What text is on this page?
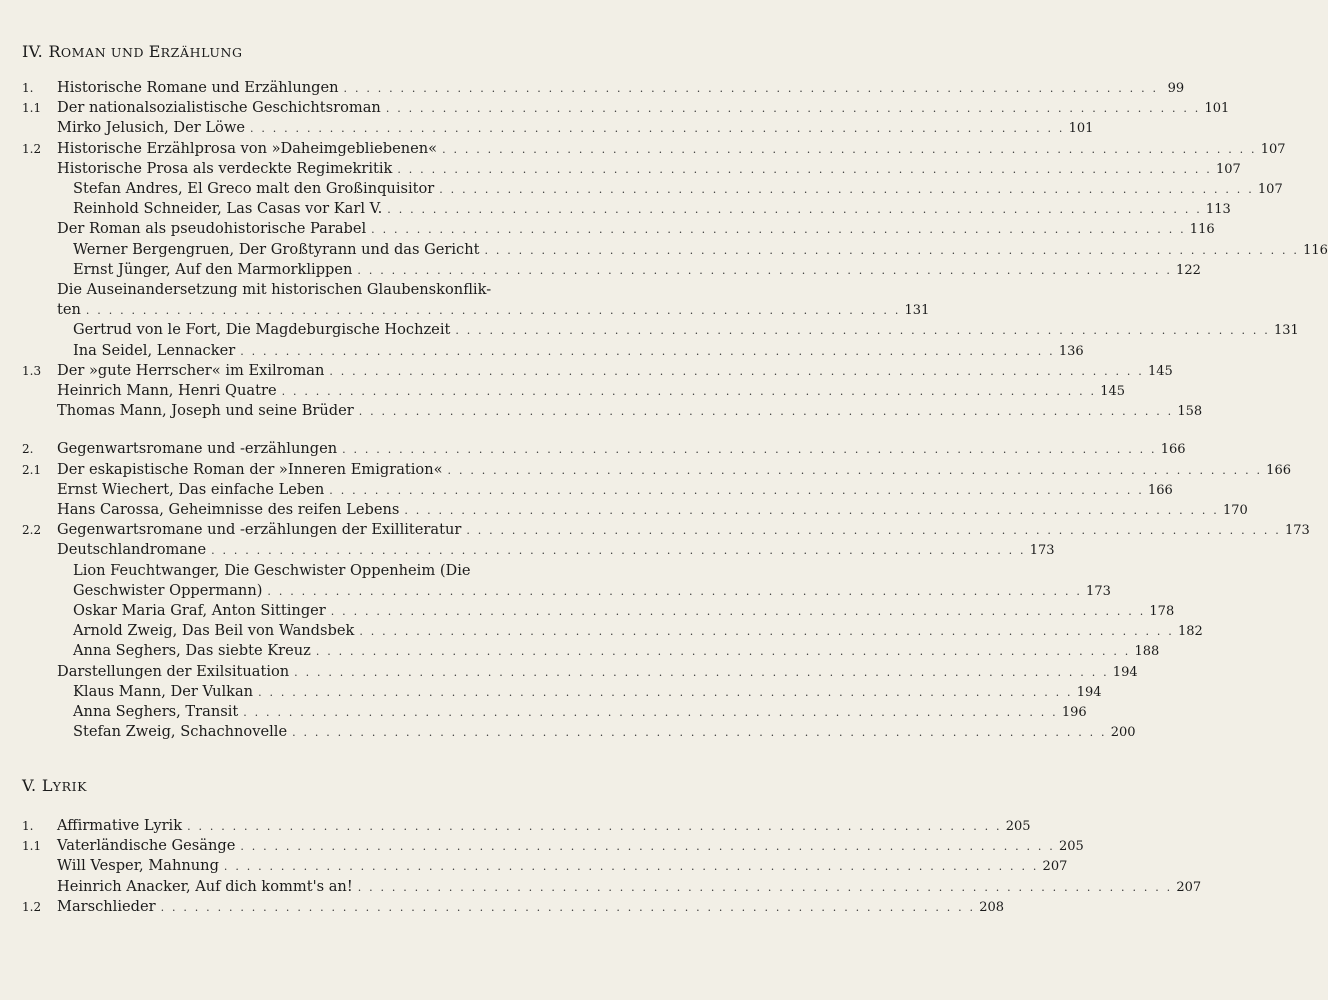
IV. ROMAN UND ERZÄHLUNG
1. Historische Romane und Erzählungen . . . . . . . . . . . . . . . . . . . . . . . . . . . . . . . . . . . . . . . . . . . . . . . . . . . . . . . . . . . . . . . . . . . . . . . . 99
1.1 Der nationalsozialistische Geschichtsroman . . . . . . . . . . . . . . . . . . . . . . . . . . . . . . . . . . . . . . . . . . . . . . . . . . . . . . . . . . . . . . . . . . . . . . . . 101
Mirko Jelusich, Der Löwe . . . . . . . . . . . . . . . . . . . . . . . . . . . . . . . . . . . . . . . . . . . . . . . . . . . . . . . . . . . . . . . . . . . . . . . . 101
1.2 Historische Erzählprosa von »Daheimgebliebenen« . . . . . . . . . . . . . . . . . . . . . . . . . . . . . . . . . . . . . . . . . . . . . . . . . . . . . . . . . . . . . . . . . . . . . . . . 107
Historische Prosa als verdeckte Regimekritik . . . . . . . . . . . . . . . . . . . . . . . . . . . . . . . . . . . . . . . . . . . . . . . . . . . . . . . . . . . . . . . . . . . . . . . . 107
Stefan Andres, El Greco malt den Großinquisitor . . . . . . . . . . . . . . . . . . . . . . . . . . . . . . . . . . . . . . . . . . . . . . . . . . . . . . . . . . . . . . . . . . . . . . . . 107
Reinhold Schneider, Las Casas vor Karl V. . . . . . . . . . . . . . . . . . . . . . . . . . . . . . . . . . . . . . . . . . . . . . . . . . . . . . . . . . . . . . . . . . . . . . . . . 113
Der Roman als pseudohistorische Parabel . . . . . . . . . . . . . . . . . . . . . . . . . . . . . . . . . . . . . . . . . . . . . . . . . . . . . . . . . . . . . . . . . . . . . . . . 116
Werner Bergengruen, Der Großtyrann und das Gericht . . . . . . . . . . . . . . . . . . . . . . . . . . . . . . . . . . . . . . . . . . . . . . . . . . . . . . . . . . . . . . . . . . . . . . . . 116
Ernst Jünger, Auf den Marmorklippen . . . . . . . . . . . . . . . . . . . . . . . . . . . . . . . . . . . . . . . . . . . . . . . . . . . . . . . . . . . . . . . . . . . . . . . . 122
Die Auseinandersetzung mit historischen Glaubenskonflik-
ten . . . . . . . . . . . . . . . . . . . . . . . . . . . . . . . . . . . . . . . . . . . . . . . . . . . . . . . . . . . . . . . . . . . . . . . . 131
Gertrud von le Fort, Die Magdeburgische Hochzeit . . . . . . . . . . . . . . . . . . . . . . . . . . . . . . . . . . . . . . . . . . . . . . . . . . . . . . . . . . . . . . . . . . . . . . . . 131
Ina Seidel, Lennacker . . . . . . . . . . . . . . . . . . . . . . . . . . . . . . . . . . . . . . . . . . . . . . . . . . . . . . . . . . . . . . . . . . . . . . . . 136
1.3 Der »gute Herrscher« im Exilroman . . . . . . . . . . . . . . . . . . . . . . . . . . . . . . . . . . . . . . . . . . . . . . . . . . . . . . . . . . . . . . . . . . . . . . . . 145
Heinrich Mann, Henri Quatre . . . . . . . . . . . . . . . . . . . . . . . . . . . . . . . . . . . . . . . . . . . . . . . . . . . . . . . . . . . . . . . . . . . . . . . . 145
Thomas Mann, Joseph und seine Brüder . . . . . . . . . . . . . . . . . . . . . . . . . . . . . . . . . . . . . . . . . . . . . . . . . . . . . . . . . . . . . . . . . . . . . . . . 158
2. Gegenwartsromane und -erzählungen . . . . . . . . . . . . . . . . . . . . . . . . . . . . . . . . . . . . . . . . . . . . . . . . . . . . . . . . . . . . . . . . . . . . . . . . 166
2.1 Der eskapistische Roman der »Inneren Emigration« . . . . . . . . . . . . . . . . . . . . . . . . . . . . . . . . . . . . . . . . . . . . . . . . . . . . . . . . . . . . . . . . . . . . . . . . 166
Ernst Wiechert, Das einfache Leben . . . . . . . . . . . . . . . . . . . . . . . . . . . . . . . . . . . . . . . . . . . . . . . . . . . . . . . . . . . . . . . . . . . . . . . . 166
Hans Carossa, Geheimnisse des reifen Lebens . . . . . . . . . . . . . . . . . . . . . . . . . . . . . . . . . . . . . . . . . . . . . . . . . . . . . . . . . . . . . . . . . . . . . . . . 170
2.2 Gegenwartsromane und -erzählungen der Exilliteratur . . . . . . . . . . . . . . . . . . . . . . . . . . . . . . . . . . . . . . . . . . . . . . . . . . . . . . . . . . . . . . . . . . . . . . . . 173
Deutschlandromane . . . . . . . . . . . . . . . . . . . . . . . . . . . . . . . . . . . . . . . . . . . . . . . . . . . . . . . . . . . . . . . . . . . . . . . . 173
Lion Feuchtwanger, Die Geschwister Oppenheim (Die
Geschwister Oppermann) . . . . . . . . . . . . . . . . . . . . . . . . . . . . . . . . . . . . . . . . . . . . . . . . . . . . . . . . . . . . . . . . . . . . . . . . 173
Oskar Maria Graf, Anton Sittinger . . . . . . . . . . . . . . . . . . . . . . . . . . . . . . . . . . . . . . . . . . . . . . . . . . . . . . . . . . . . . . . . . . . . . . . . 178
Arnold Zweig, Das Beil von Wandsbek . . . . . . . . . . . . . . . . . . . . . . . . . . . . . . . . . . . . . . . . . . . . . . . . . . . . . . . . . . . . . . . . . . . . . . . . 182
Anna Seghers, Das siebte Kreuz . . . . . . . . . . . . . . . . . . . . . . . . . . . . . . . . . . . . . . . . . . . . . . . . . . . . . . . . . . . . . . . . . . . . . . . . 188
Darstellungen der Exilsituation . . . . . . . . . . . . . . . . . . . . . . . . . . . . . . . . . . . . . . . . . . . . . . . . . . . . . . . . . . . . . . . . . . . . . . . . 194
Klaus Mann, Der Vulkan . . . . . . . . . . . . . . . . . . . . . . . . . . . . . . . . . . . . . . . . . . . . . . . . . . . . . . . . . . . . . . . . . . . . . . . . 194
Anna Seghers, Transit . . . . . . . . . . . . . . . . . . . . . . . . . . . . . . . . . . . . . . . . . . . . . . . . . . . . . . . . . . . . . . . . . . . . . . . . 196
Stefan Zweig, Schachnovelle . . . . . . . . . . . . . . . . . . . . . . . . . . . . . . . . . . . . . . . . . . . . . . . . . . . . . . . . . . . . . . . . . . . . . . . . 200
V. LYRIK
1. Affirmative Lyrik . . . . . . . . . . . . . . . . . . . . . . . . . . . . . . . . . . . . . . . . . . . . . . . . . . . . . . . . . . . . . . . . . . . . . . . . 205
1.1 Vaterländische Gesänge . . . . . . . . . . . . . . . . . . . . . . . . . . . . . . . . . . . . . . . . . . . . . . . . . . . . . . . . . . . . . . . . . . . . . . . . 205
Will Vesper, Mahnung . . . . . . . . . . . . . . . . . . . . . . . . . . . . . . . . . . . . . . . . . . . . . . . . . . . . . . . . . . . . . . . . . . . . . . . . 207
Heinrich Anacker, Auf dich kommt's an! . . . . . . . . . . . . . . . . . . . . . . . . . . . . . . . . . . . . . . . . . . . . . . . . . . . . . . . . . . . . . . . . . . . . . . . . 207
1.2 Marschlieder . . . . . . . . . . . . . . . . . . . . . . . . . . . . . . . . . . . . . . . . . . . . . . . . . . . . . . . . . . . . . . . . . . . . . . . . 208
